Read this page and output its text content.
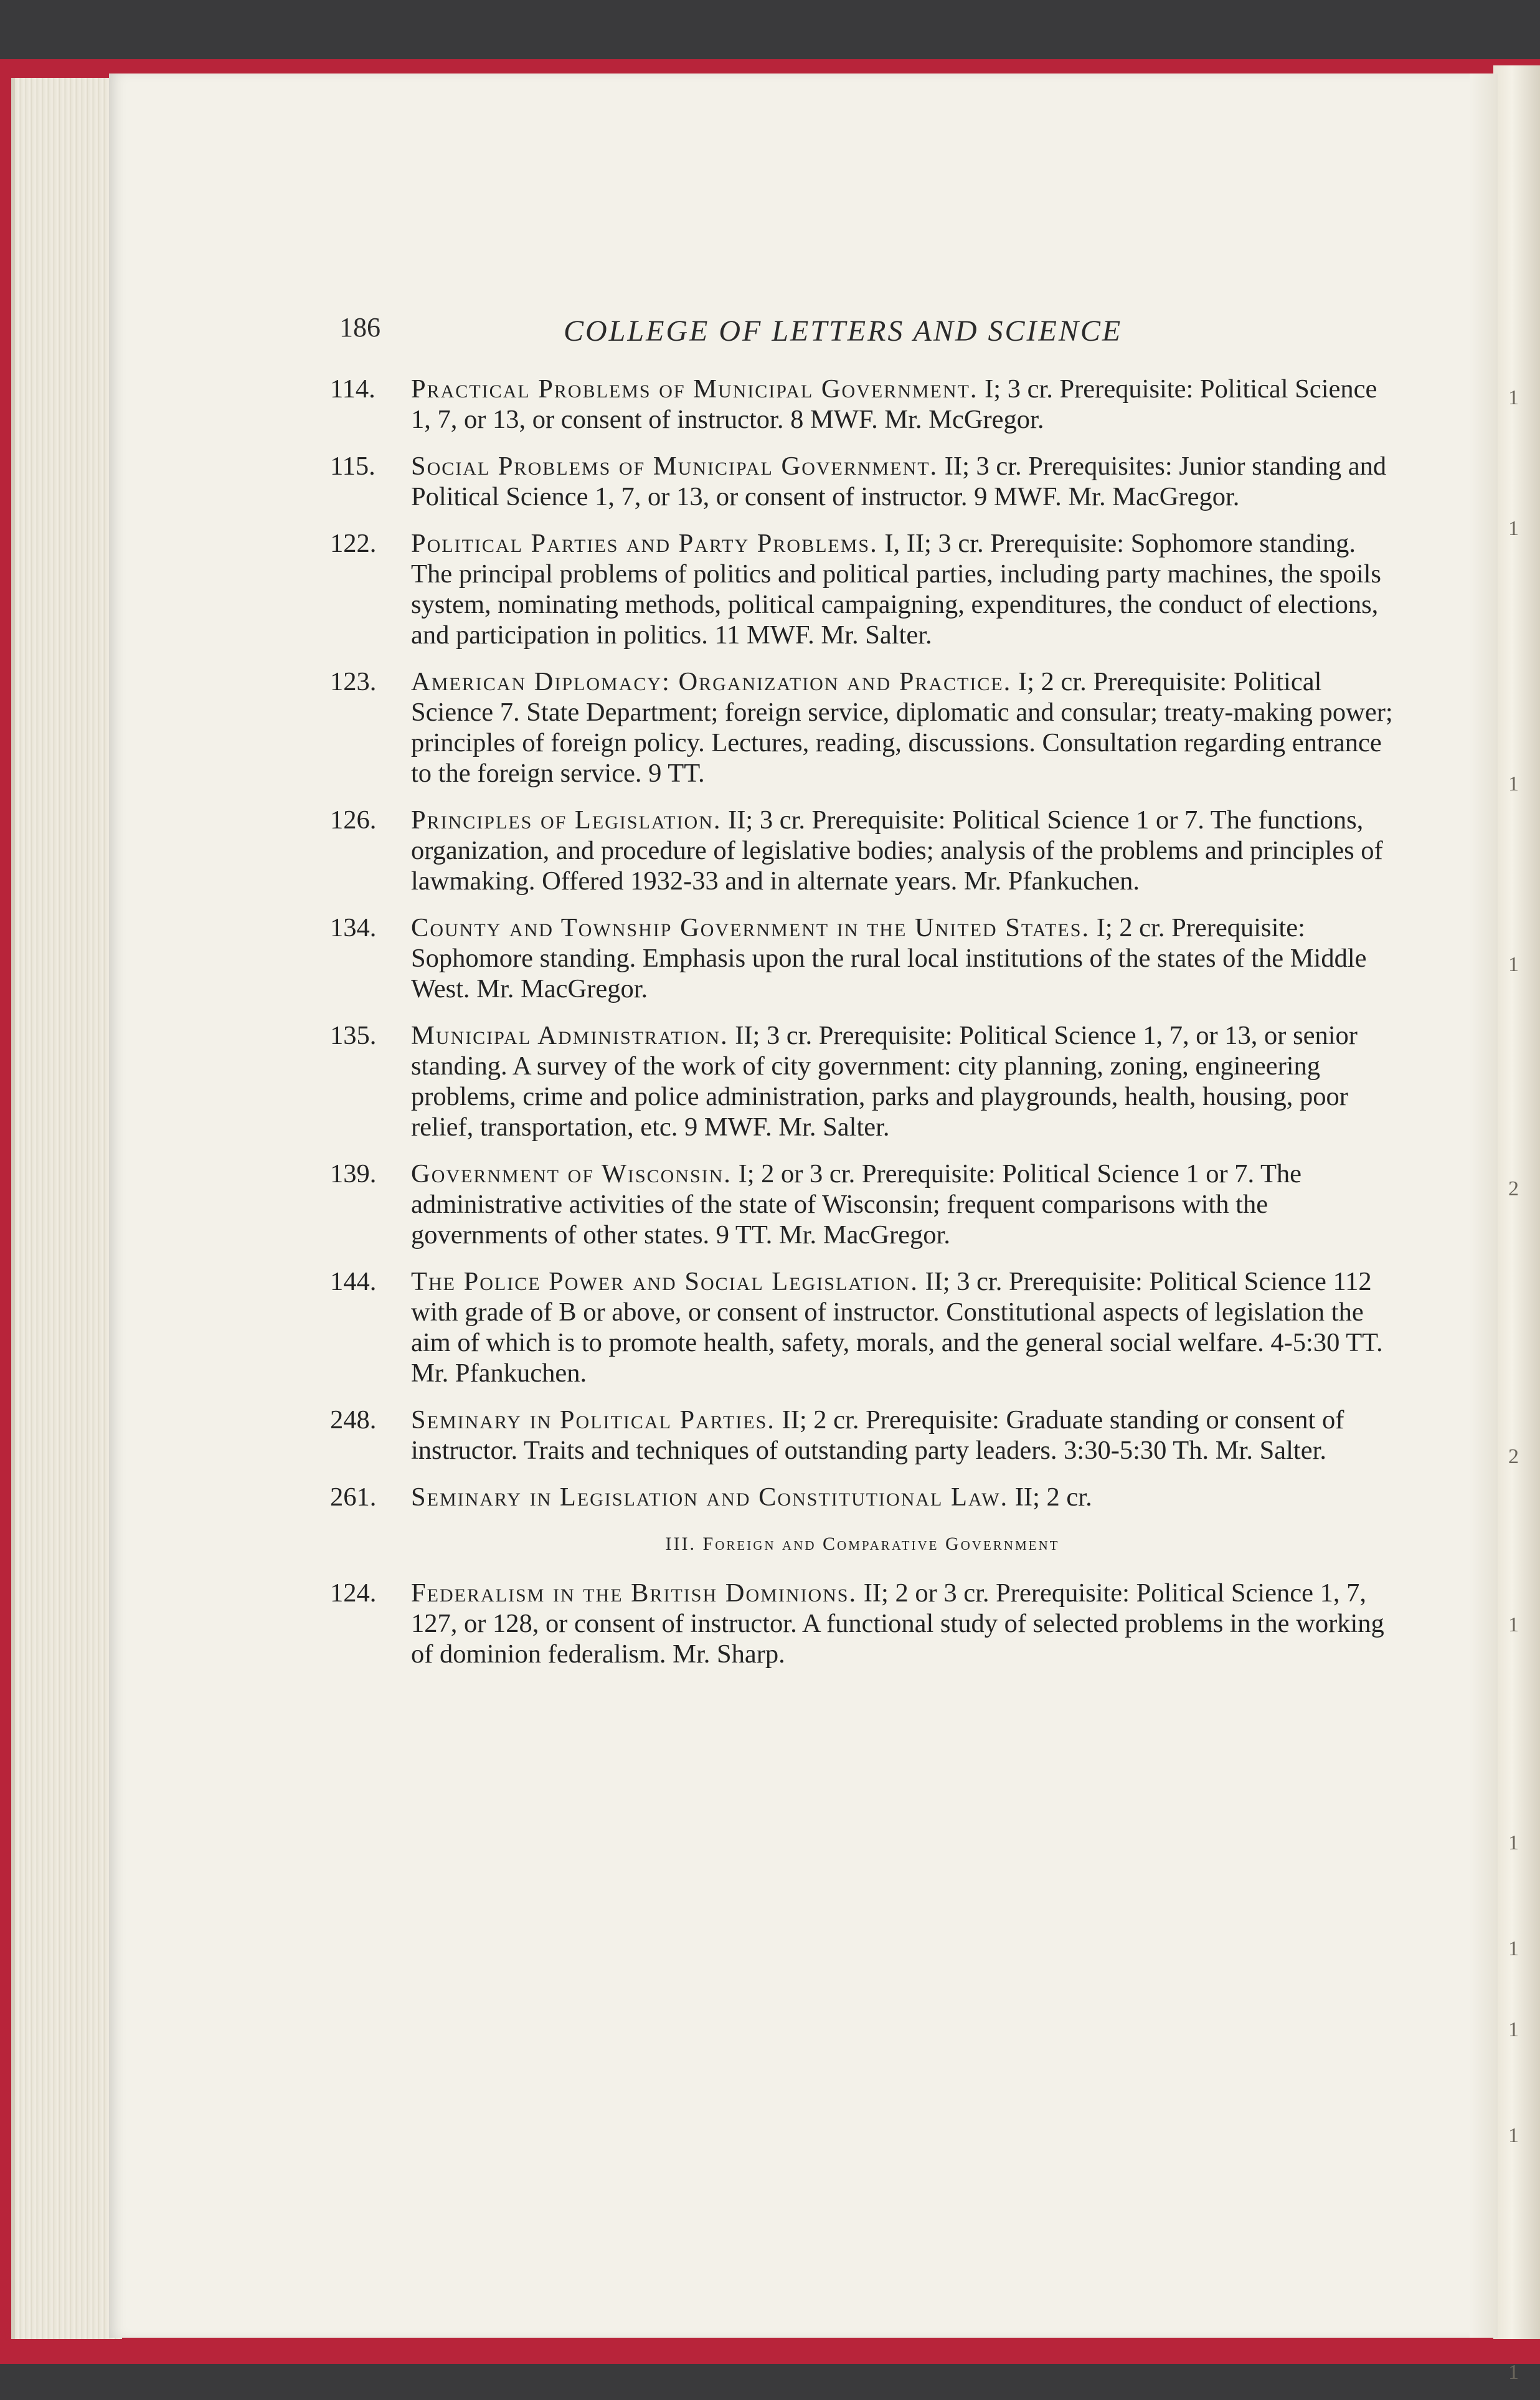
1
1
1
1
2
2
1
1
1
1
1
1
186	COLLEGE OF LETTERS AND SCIENCE
114. Practical Problems of Municipal Government. I; 3 cr. Prerequisite: Political Science 1, 7, or 13, or consent of instructor. 8 MWF. Mr. McGregor.
115. Social Problems of Municipal Government. II; 3 cr. Prerequisites: Junior standing and Political Science 1, 7, or 13, or consent of instructor. 9 MWF. Mr. MacGregor.
122. Political Parties and Party Problems. I, II; 3 cr. Prerequisite: Sophomore standing. The principal problems of politics and political parties, including party machines, the spoils system, nominating methods, political campaigning, expenditures, the conduct of elections, and participation in politics. 11 MWF. Mr. Salter.
123. American Diplomacy: Organization and Practice. I; 2 cr. Prerequisite: Political Science 7. State Department; foreign service, diplomatic and consular; treaty-making power; principles of foreign policy. Lectures, reading, discussions. Consultation regarding entrance to the foreign service. 9 TT.
126. Principles of Legislation. II; 3 cr. Prerequisite: Political Science 1 or 7. The functions, organization, and procedure of legislative bodies; analysis of the problems and principles of lawmaking. Offered 1932-33 and in alternate years. Mr. Pfankuchen.
134. County and Township Government in the United States. I; 2 cr. Prerequisite: Sophomore standing. Emphasis upon the rural local institutions of the states of the Middle West. Mr. MacGregor.
135. Municipal Administration. II; 3 cr. Prerequisite: Political Science 1, 7, or 13, or senior standing. A survey of the work of city government: city planning, zoning, engineering problems, crime and police administration, parks and playgrounds, health, housing, poor relief, transportation, etc. 9 MWF. Mr. Salter.
139. Government of Wisconsin. I; 2 or 3 cr. Prerequisite: Political Science 1 or 7. The administrative activities of the state of Wisconsin; frequent comparisons with the governments of other states. 9 TT. Mr. MacGregor.
144. The Police Power and Social Legislation. II; 3 cr. Prerequisite: Political Science 112 with grade of B or above, or consent of instructor. Constitutional aspects of legislation the aim of which is to promote health, safety, morals, and the general social welfare. 4-5:30 TT. Mr. Pfankuchen.
248. Seminary in Political Parties. II; 2 cr. Prerequisite: Graduate standing or consent of instructor. Traits and techniques of outstanding party leaders. 3:30-5:30 Th. Mr. Salter.
261. Seminary in Legislation and Constitutional Law. II; 2 cr.
III. Foreign and Comparative Government
124. Federalism in the British Dominions. II; 2 or 3 cr. Prerequisite: Political Science 1, 7, 127, or 128, or consent of instructor. A functional study of selected problems in the working of dominion federalism. Mr. Sharp.
